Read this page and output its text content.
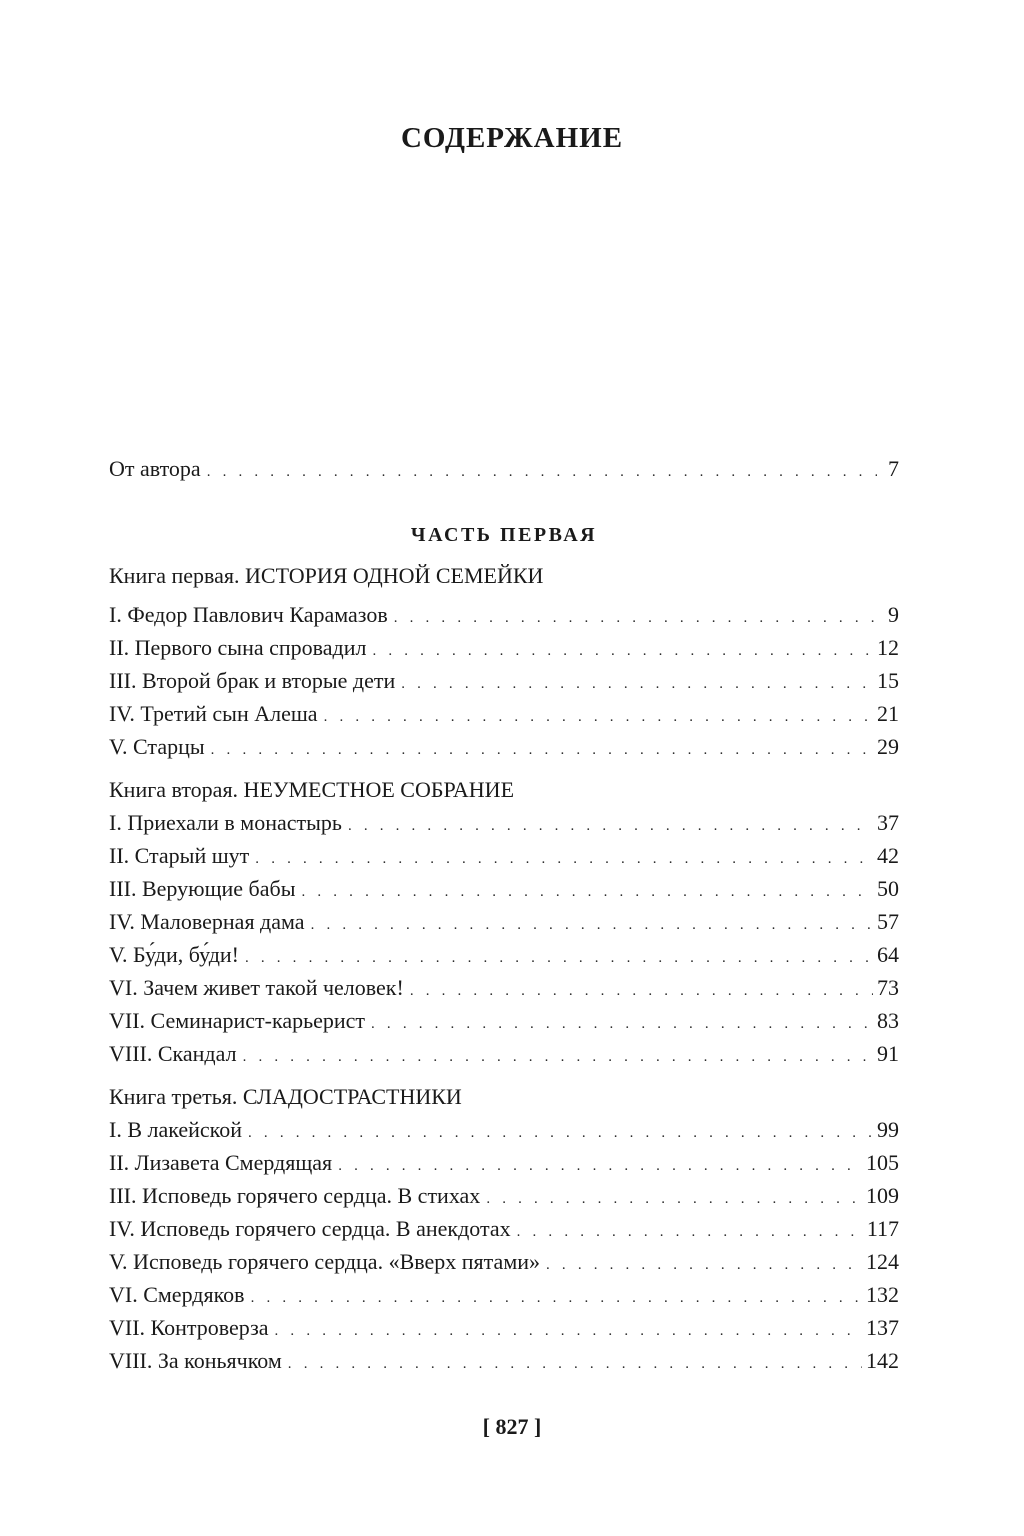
СОДЕРЖАНИЕ
От автора . . .	7
ЧАСТЬ ПЕРВАЯ
Книга первая. ИСТОРИЯ ОДНОЙ СЕМЕЙКИ
I. Федор Павлович Карамазов . . .	9
II. Первого сына спровадил . . .	12
III. Второй брак и вторые дети . . .	15
IV. Третий сын Алеша . . .	21
V. Старцы . . .	29
Книга вторая. НЕУМЕСТНОЕ СОБРАНИЕ
I. Приехали в монастырь . . .	37
II. Старый шут . . .	42
III. Верующие бабы . . .	50
IV. Маловерная дама . . .	57
V. Бу́ди, бу́ди! . . .	64
VI. Зачем живет такой человек! . . .	73
VII. Семинарист-карьерист . . .	83
VIII. Скандал . . .	91
Книга третья. СЛАДОСТРАСТНИКИ
I. В лакейской . . .	99
II. Лизавета Смердящая . . .	105
III. Исповедь горячего сердца. В стихах . . .	109
IV. Исповедь горячего сердца. В анекдотах . . .	117
V. Исповедь горячего сердца. «Вверх пятами» . . .	124
VI. Смердяков . . .	132
VII. Контроверза . . .	137
VIII. За коньячком . . .	142
[ 827 ]
